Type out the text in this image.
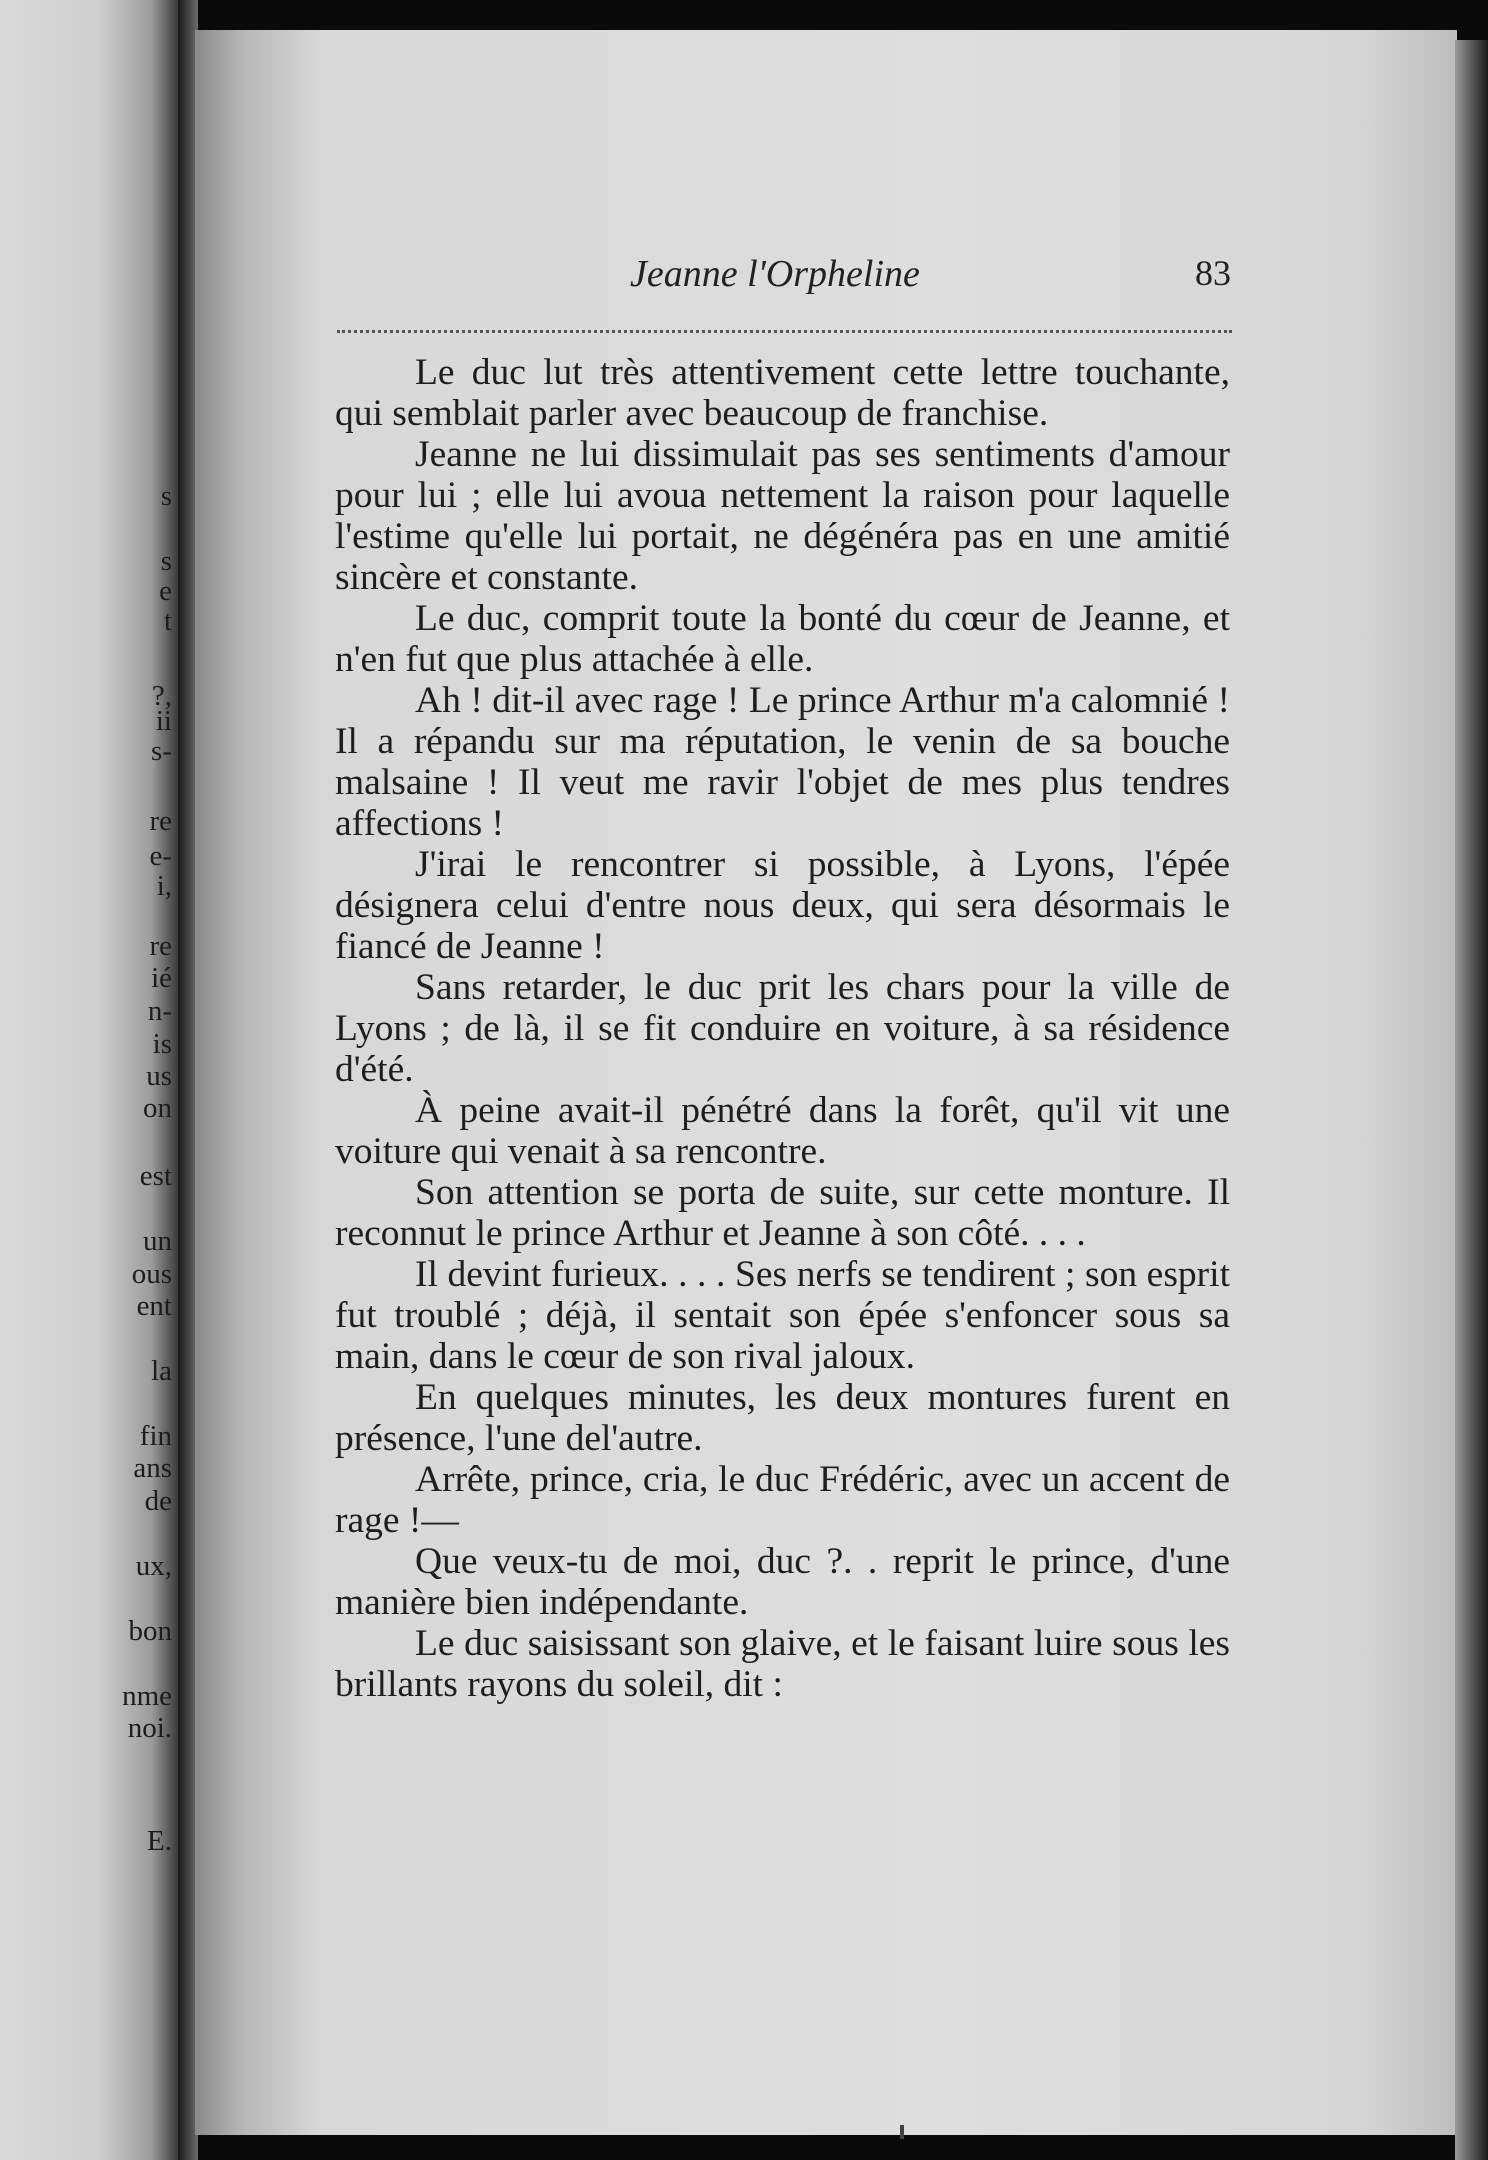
s
s
e
t
?,
ii
s-
re
e-
i,
re
ié
n-
is
us
on
est
un
ous
ent
la
fin
ans
de
ux,
bon
nme
noi.
E.
Jeanne l'Orpheline	83

Le duc lut très attentivement cette lettre touchante, qui semblait parler avec beaucoup de franchise.

Jeanne ne lui dissimulait pas ses sentiments d'amour pour lui ; elle lui avoua nettement la raison pour laquelle l'estime qu'elle lui portait, ne dégénéra pas en une amitié sincère et constante.

Le duc, comprit toute la bonté du cœur de Jeanne, et n'en fut que plus attachée à elle.

Ah ! dit-il avec rage ! Le prince Arthur m'a calomnié ! Il a répandu sur ma réputation, le venin de sa bouche malsaine ! Il veut me ravir l'objet de mes plus tendres affections !

J'irai le rencontrer si possible, à Lyons, l'épée désignera celui d'entre nous deux, qui sera désormais le fiancé de Jeanne !

Sans retarder, le duc prit les chars pour la ville de Lyons ; de là, il se fit conduire en voiture, à sa résidence d'été.

À peine avait-il pénétré dans la forêt, qu'il vit une voiture qui venait à sa rencontre.

Son attention se porta de suite, sur cette monture. Il reconnut le prince Arthur et Jeanne à son côté. . . .

Il devint furieux. . . . Ses nerfs se tendirent ; son esprit fut troublé ; déjà, il sentait son épée s'enfoncer sous sa main, dans le cœur de son rival jaloux.

En quelques minutes, les deux montures furent en présence, l'une del'autre.

Arrête, prince, cria, le duc Frédéric, avec un accent de rage !—

Que veux-tu de moi, duc ?. . reprit le prince, d'une manière bien indépendante.

Le duc saisissant son glaive, et le faisant luire sous les brillants rayons du soleil, dit :
